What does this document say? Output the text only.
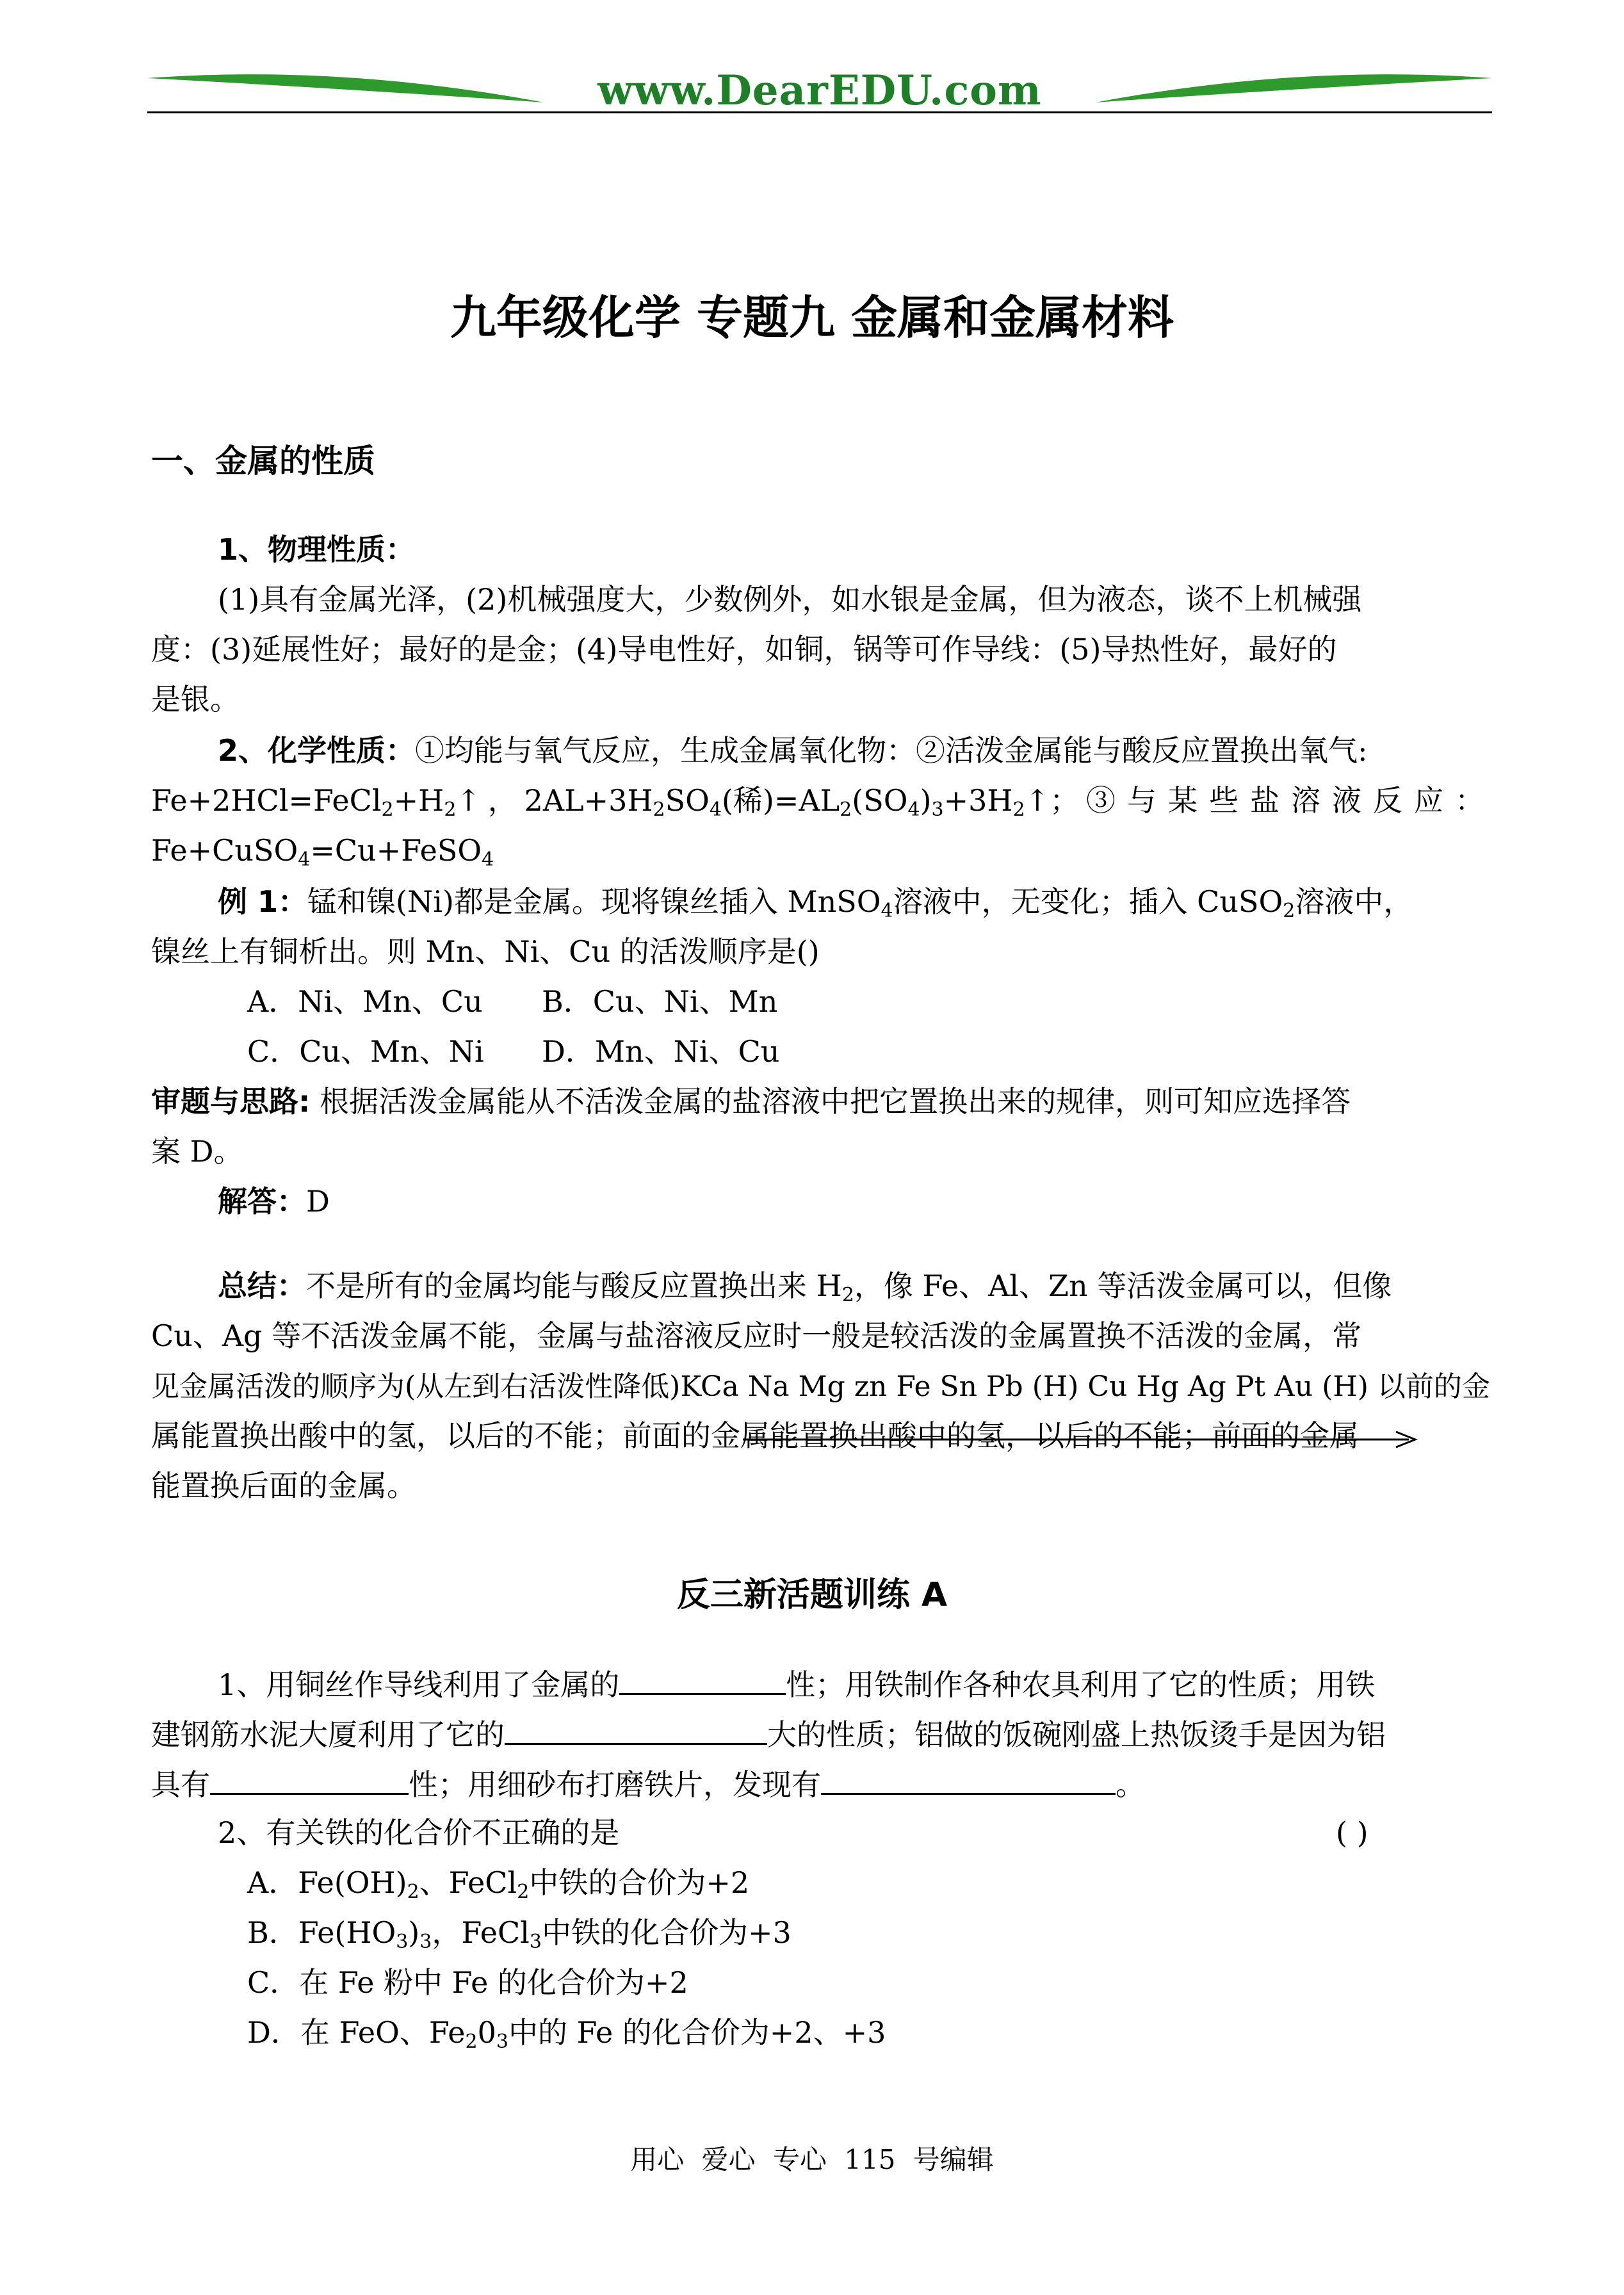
www.DearEDU.com
九年级化学 专题九 金属和金属材料
一、金属的性质
1、物理性质：
(1)具有金属光泽，(2)机械强度大，少数例外，如水银是金属，但为液态，谈不上机械强
度：(3)延展性好；最好的是金；(4)导电性好，如铜，锅等可作导线：(5)导热性好，最好的
是银。
2、化学性质：①均能与氧气反应，生成金属氧化物：②活泼金属能与酸反应置换出氧气:
$Fe+2HCl=FeCl_2+H_2↑$ ， $2AL+3H_2SO_4$(稀)$=AL_2(SO_4)_3+3H_2↑$； ③与某些盐溶液反应：
Fe+CuSO$_4$=Cu+FeSO$_4$
例 1：锰和镍(Ni)都是金属。现将镍丝插入 MnSO$_4$溶液中，无变化；插入 CuSO$_2$溶液中，
镍丝上有铜析出。则 Mn、Ni、Cu 的活泼顺序是()
A．Ni、Mn、Cu B．Cu、Ni、Mn
C．Cu、Mn、Ni D．Mn、Ni、Cu
审题与思路: 根据活泼金属能从不活泼金属的盐溶液中把它置换出来的规律，则可知应选择答
案 D。
解答：D
总结：不是所有的金属均能与酸反应置换出来 $H_2$，像 Fe、Al、Zn 等活泼金属可以，但像
Cu、Ag 等不活泼金属不能，金属与盐溶液反应时一般是较活泼的金属置换不活泼的金属，常
见金属活泼的顺序为(从左到右活泼性降低)KCa Na Mg zn Fe Sn Pb (H) Cu Hg Ag Pt Au (H) 以前的金
属能置换出酸中的氢，以后的不能；前面的金属能置换出酸中的氢，以后的不能；前面的金属
能置换后面的金属。
反三新活题训练 A
1、用铜丝作导线利用了金属的	性；用铁制作各种农具利用了它的性质；用铁
建钢筋水泥大厦利用了它的	大的性质；铝做的饭碗刚盛上热饭烫手是因为铝
具有	性；用细砂布打磨铁片，发现有	。
2、有关铁的化合价不正确的是	( )
A．$Fe(OH)_2$、FeCl$_2$中铁的合价为+2
B．$Fe(HO_3)_3$，FeCl$_3$中铁的化合价为+3
C．在 Fe 粉中 Fe 的化合价为+2
D．在 FeO、$Fe_20_3$中的 Fe 的化合价为+2、+3
用心 爱心 专心 115 号编辑
